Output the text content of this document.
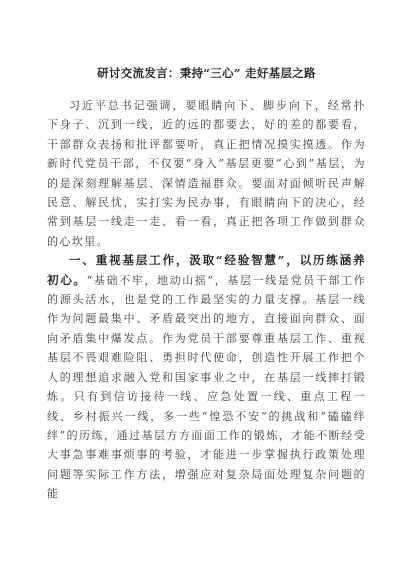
研讨交流发言：秉持“三心” 走好基层之路

习近平总书记强调，要眼睛向下、脚步向下，经常扑下身子、沉到一线，近的远的都要去，好的差的都要看，干部群众表扬和批评都要听，真正把情况摸实摸透。作为新时代党员干部，不仅要“身入”基层更要“心到”基层，为的是深刻理解基层、深情造福群众。要面对面倾听民声解民意、解民忧，实打实为民办事，有眼睛向下的决心，经常到基层一线走一走、看一看，真正把各项工作做到群众的心坎里。

一、重视基层工作，汲取“经验智慧”，以历练涵养初心。“基础不牢，地动山摇”，基层一线是党员干部工作的源头活水，也是党的工作最坚实的力量支撑。基层一线作为问题最集中、矛盾最突出的地方，直接面向群众、面向矛盾集中爆发点。作为党员干部要尊重基层工作、重视基层不畏艰难险阻、勇担时代使命，创造性开展工作把个人的理想追求融入党和国家事业之中，在基层一线摔打锻炼。只有到信访接待一线、应急处置一线、重点工程一线、乡村振兴一线，多一些“惶恐不安”的挑战和“磕磕绊绊”的历练，通过基层方方面面工作的锻炼，才能不断经受大事急事难事烦事的考验，才能进一步掌握执行政策处理问题等实际工作方法，增强应对复杂局面处理复杂问题的能
